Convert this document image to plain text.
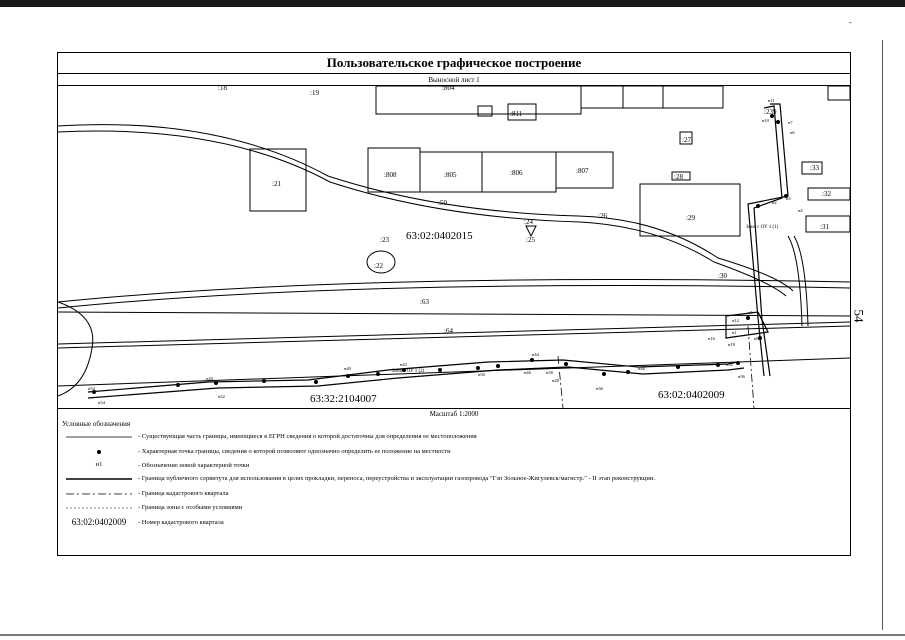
-
Пользовательское графическое построение
Выносной лист 1
:808	:805	:806	:807
:21
:27
:28
:29
:26
:24
:25
:23
:22
:30
:31
:32
:33
:811
:804
:19
:18
:239
:50
:63
:64
63:02:0402015
63:32:2104007	63:02:0402009
Зона с ОУ 1 (1)
Зона с ОУ 1 (2)
н1
н2
н3
н4
н5
н6
н7
н8
н10
н11
н12
н16
н18
н20	н28
н32
н34
н36
н38
н40
н42
н44
н46
н48
н50
н52
н54
н56
Масштаб 1:2000
Условные обозначения
- Существующая часть границы, имеющиеся в ЕГРН сведения о которой достаточны для определения ее местоположения
- Характерная точка границы, сведения о которой позволяют однозначно определить ее положение на местности
н1	- Обозначение новой характерной точки
- Граница публичного сервитута для использования в целях прокладки, переноса, переустройства и эксплуатации газопровода "Гзп Зольное-Жигулевск/магистр." - II этап реконструкции.
- Граница кадастрового квартала
- Граница зоны с особыми условиями
63:02:0402009	- Номер кадастрового квартала
54
